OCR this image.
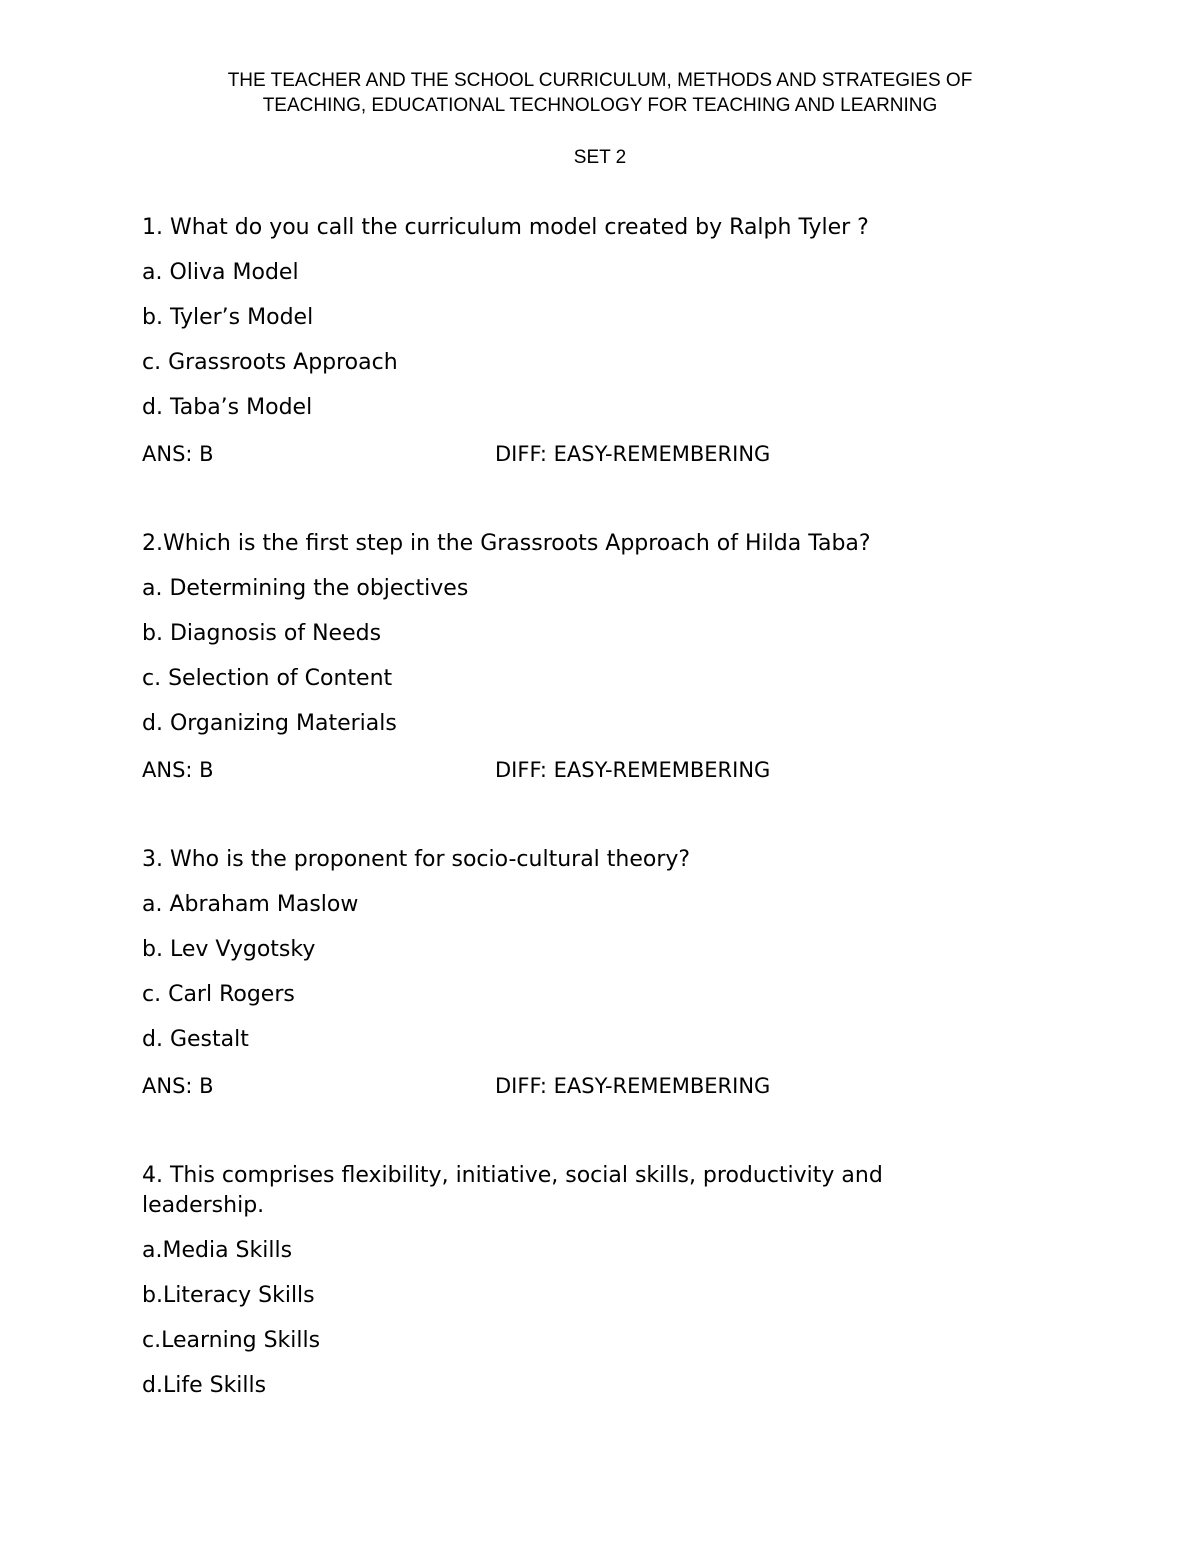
THE TEACHER AND THE SCHOOL CURRICULUM, METHODS AND STRATEGIES OF
TEACHING, EDUCATIONAL TECHNOLOGY FOR TEACHING AND LEARNING
SET 2
1. What do you call the curriculum model created by Ralph Tyler ?
a. Oliva Model
b. Tyler’s Model
c. Grassroots Approach
d. Taba’s Model
ANS: B	DIFF: EASY-REMEMBERING
2.Which is the first step in the Grassroots Approach of Hilda Taba?
a. Determining the objectives
b. Diagnosis of Needs
c. Selection of Content
d. Organizing Materials
ANS: B	DIFF: EASY-REMEMBERING
3. Who is the proponent for socio-cultural theory?
a. Abraham Maslow
b. Lev Vygotsky
c. Carl Rogers
d. Gestalt
ANS: B	DIFF: EASY-REMEMBERING
4. This comprises flexibility, initiative, social skills, productivity and leadership.
a.Media Skills
b.Literacy Skills
c.Learning Skills
d.Life Skills
